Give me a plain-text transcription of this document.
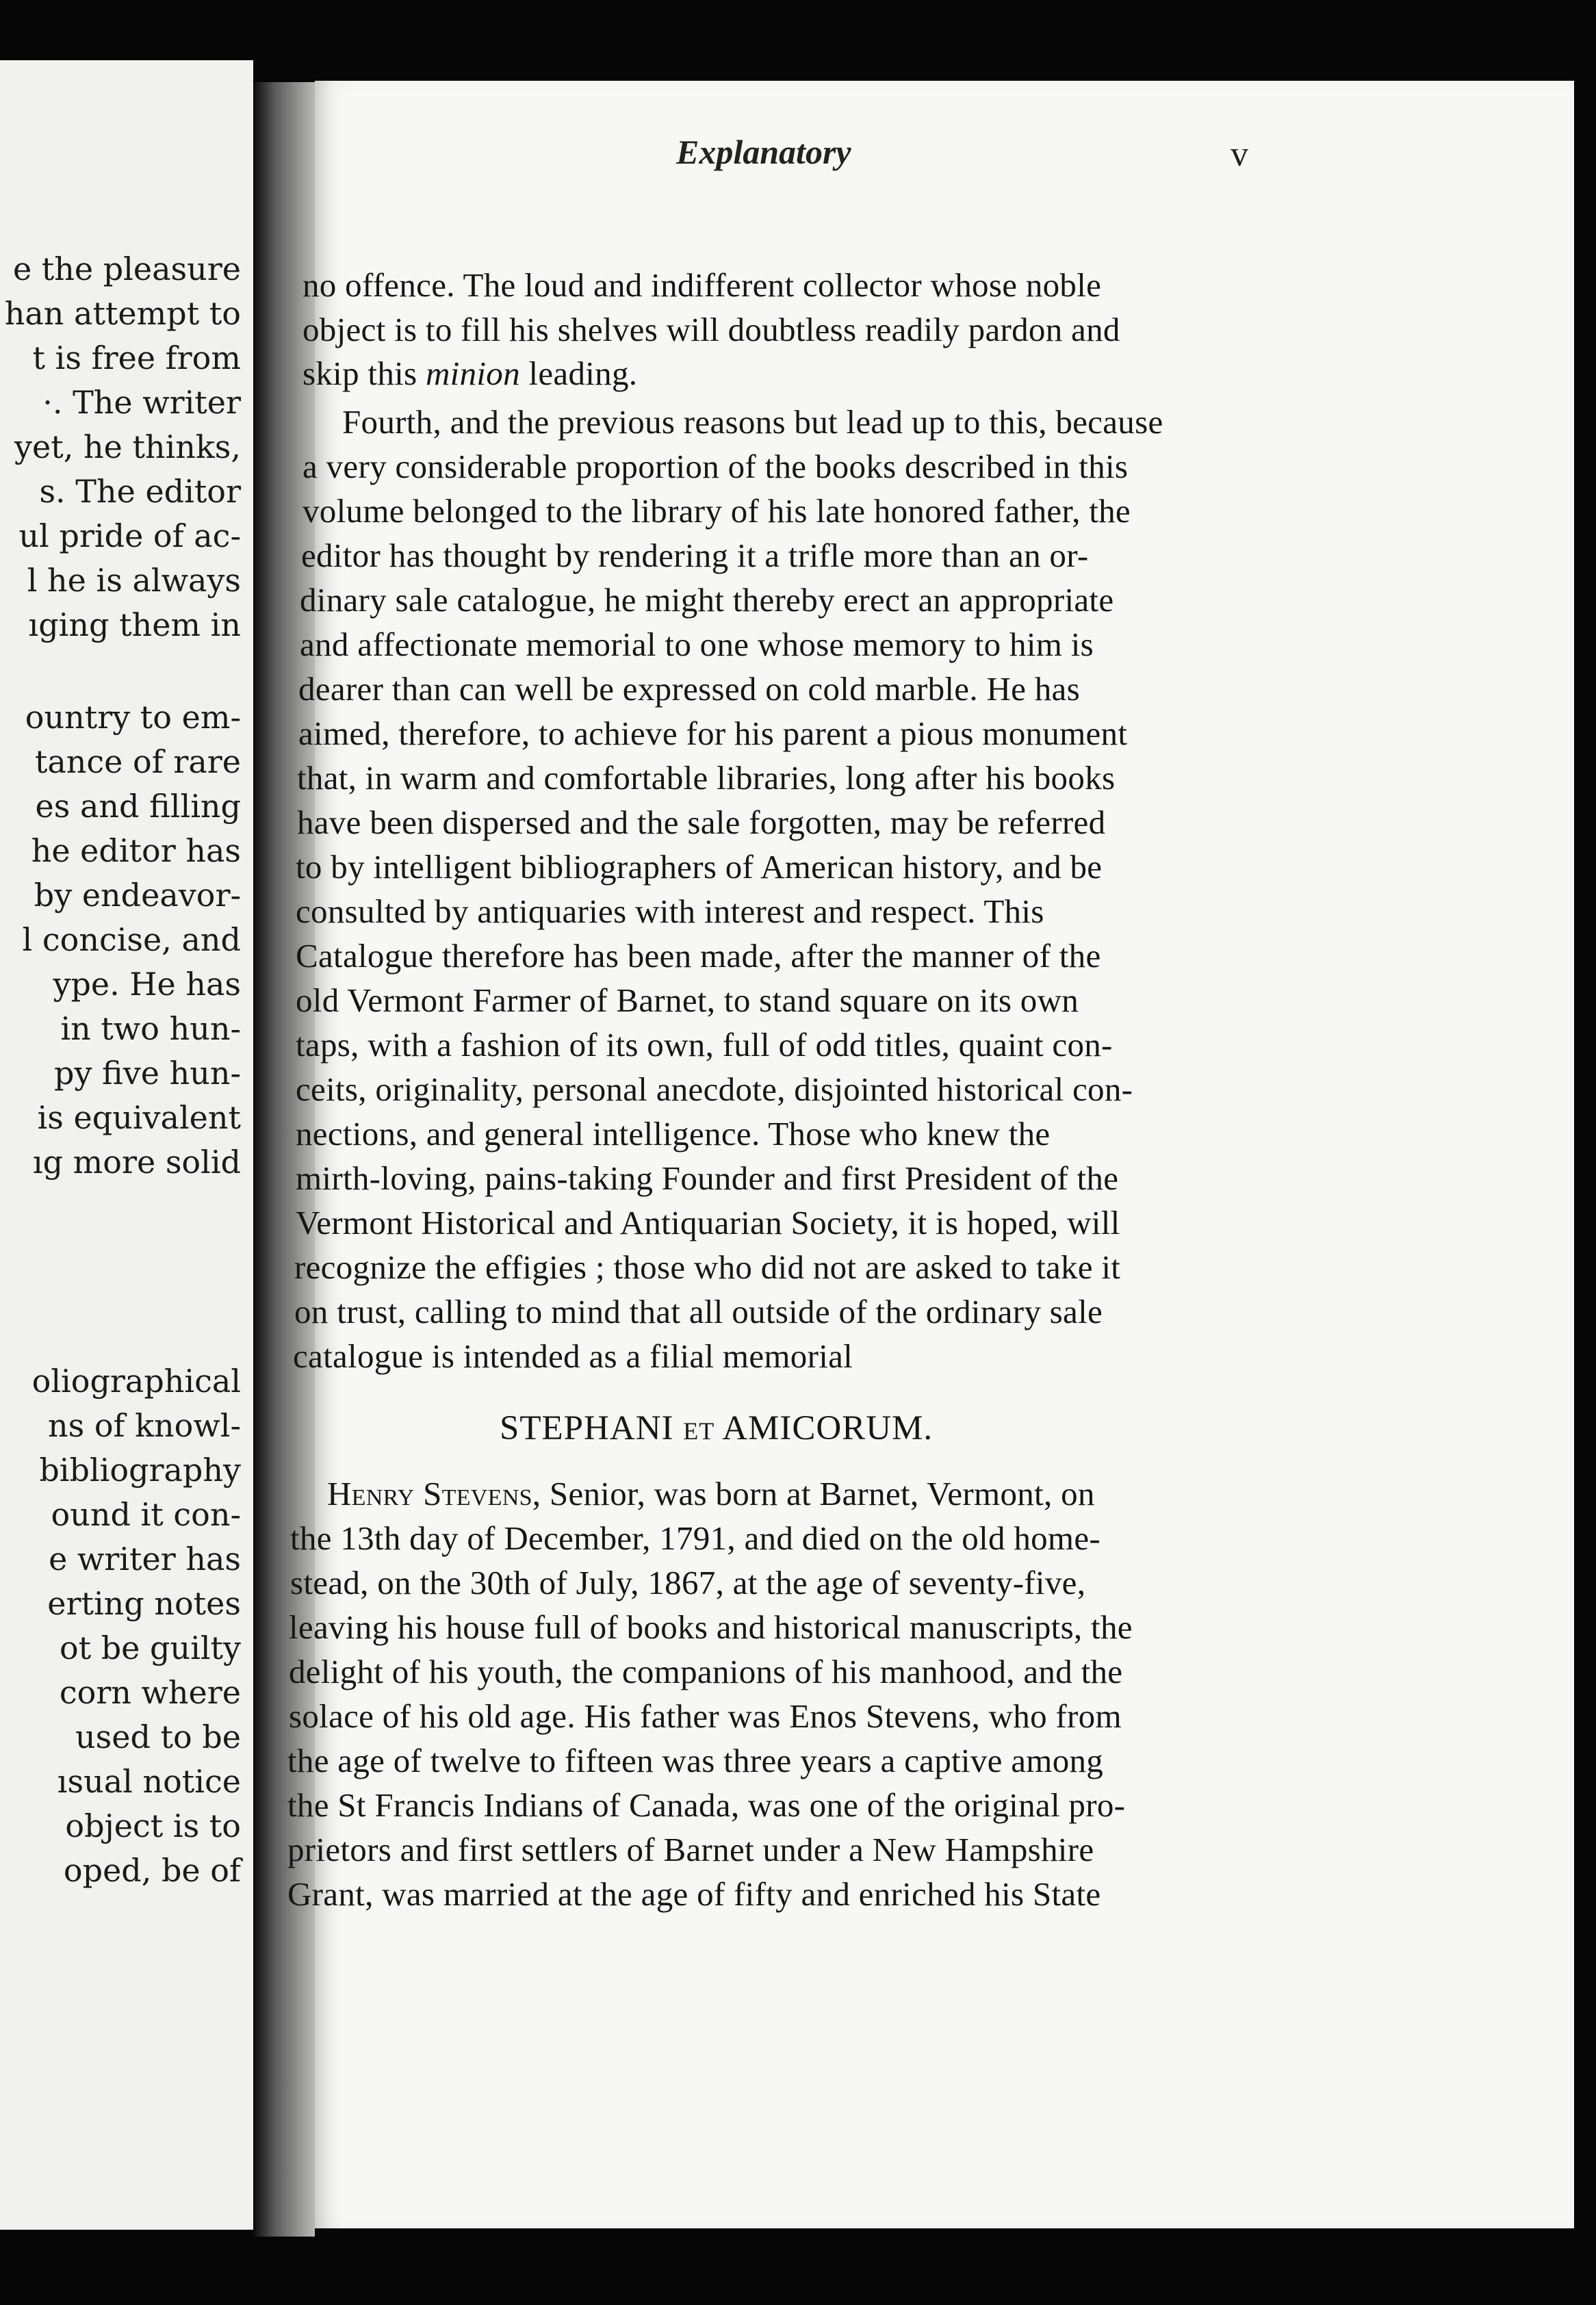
e the pleasure
han attempt to
t is free from
·. The writer
yet, he thinks,
s. The editor
ul pride of ac-
l he is always
ıging them in
ountry to em-
tance of rare
es and filling
he editor has
by endeavor-
l concise, and
ype. He has
in two hun-
py five hun-
is equivalent
ıg more solid
oliographical
ns of knowl-
bibliography
ound it con-
e writer has
erting notes
ot be guilty
corn where
used to be
ısual notice
object is to
oped, be of
Explanatory	v
no offence. The loud and indifferent collector whose noble
object is to fill his shelves will doubtless readily pardon and
skip this minion leading.
Fourth, and the previous reasons but lead up to this, because
a very considerable proportion of the books described in this
volume belonged to the library of his late honored father, the
editor has thought by rendering it a trifle more than an or-
dinary sale catalogue, he might thereby erect an appropriate
and affectionate memorial to one whose memory to him is
dearer than can well be expressed on cold marble. He has
aimed, therefore, to achieve for his parent a pious monument
that, in warm and comfortable libraries, long after his books
have been dispersed and the sale forgotten, may be referred
to by intelligent bibliographers of American history, and be
consulted by antiquaries with interest and respect. This
Catalogue therefore has been made, after the manner of the
old Vermont Farmer of Barnet, to stand square on its own
taps, with a fashion of its own, full of odd titles, quaint con-
ceits, originality, personal anecdote, disjointed historical con-
nections, and general intelligence. Those who knew the
mirth-loving, pains-taking Founder and first President of the
Vermont Historical and Antiquarian Society, it is hoped, will
recognize the effigies ; those who did not are asked to take it
on trust, calling to mind that all outside of the ordinary sale
catalogue is intended as a filial memorial
STEPHANI ET AMICORUM.
Henry Stevens, Senior, was born at Barnet, Vermont, on
the 13th day of December, 1791, and died on the old home-
stead, on the 30th of July, 1867, at the age of seventy-five,
leaving his house full of books and historical manuscripts, the
delight of his youth, the companions of his manhood, and the
solace of his old age. His father was Enos Stevens, who from
the age of twelve to fifteen was three years a captive among
the St Francis Indians of Canada, was one of the original pro-
prietors and first settlers of Barnet under a New Hampshire
Grant, was married at the age of fifty and enriched his State
